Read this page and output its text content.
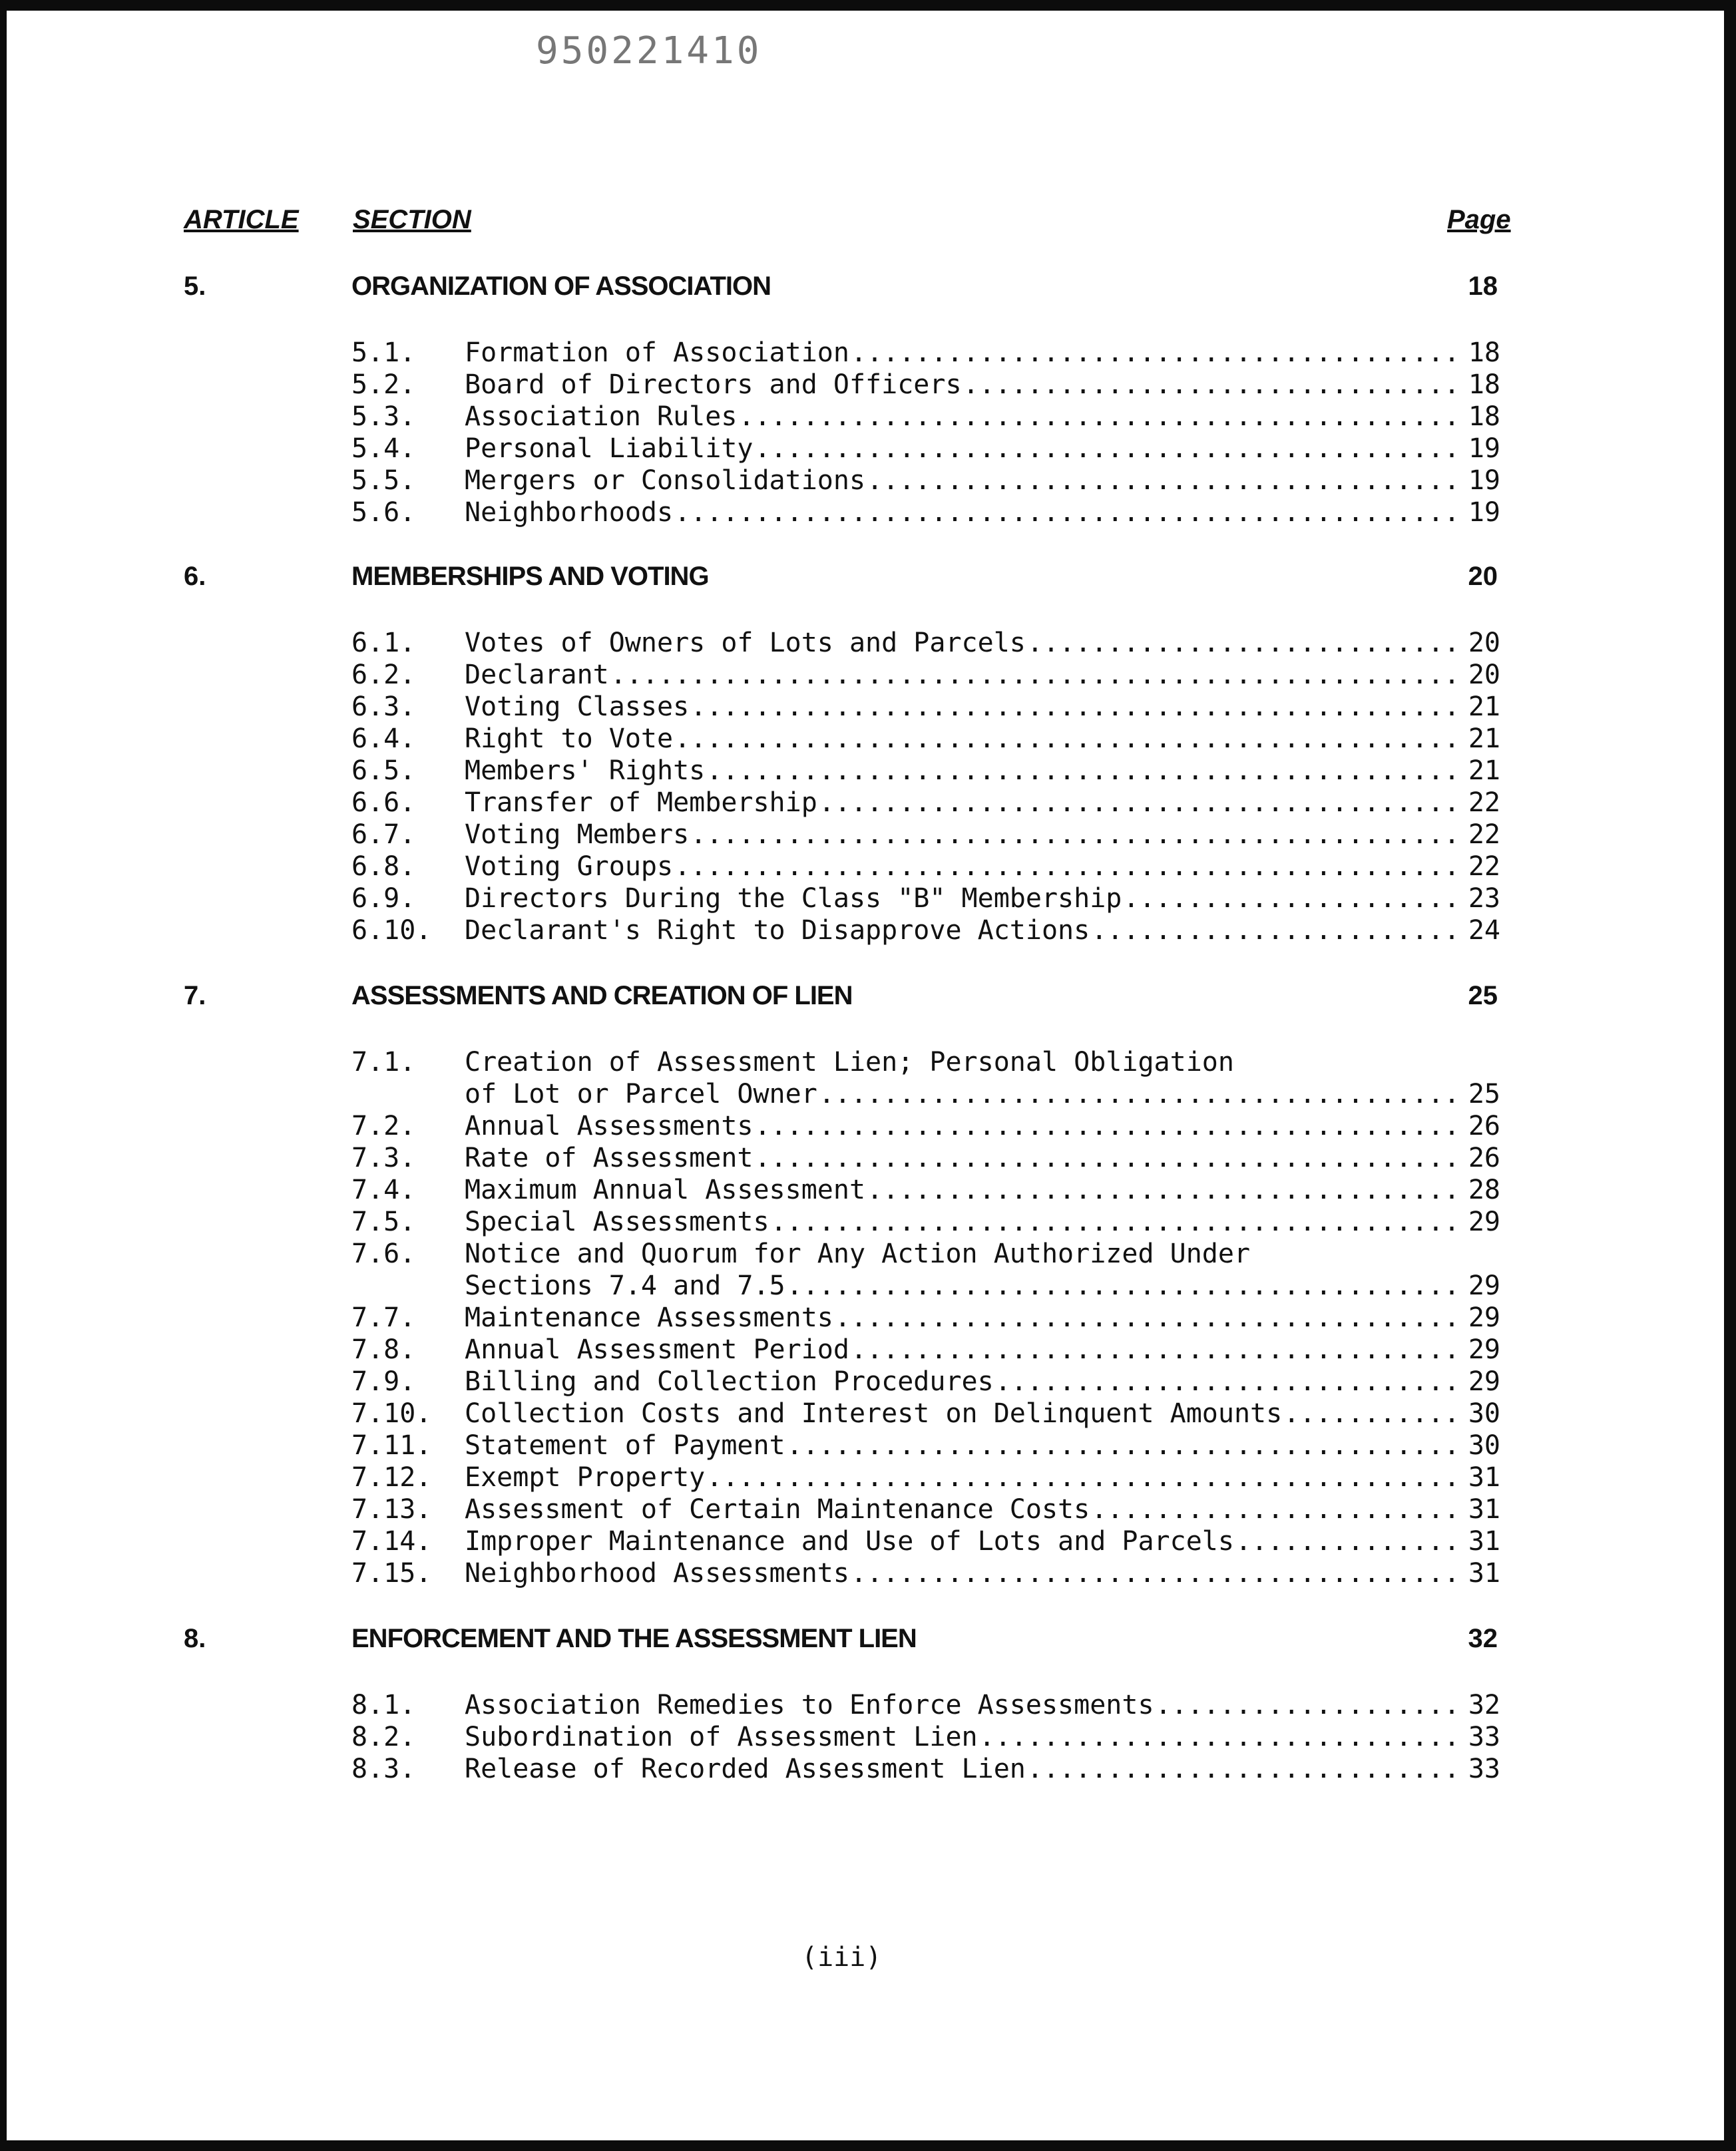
950221410
ARTICLE SECTION	Page
5.	ORGANIZATION OF ASSOCIATION	18
5.1. Formation of Association .....	18
5.2. Board of Directors and Officers .....	18
5.3. Association Rules .....	18
5.4. Personal Liability .....	19
5.5. Mergers or Consolidations .....	19
5.6. Neighborhoods .....	19
6.	MEMBERSHIPS AND VOTING	20
6.1. Votes of Owners of Lots and Parcels .....	20
6.2. Declarant .....	20
6.3. Voting Classes .....	21
6.4. Right to Vote .....	21
6.5. Members' Rights .....	21
6.6. Transfer of Membership .....	22
6.7. Voting Members .....	22
6.8. Voting Groups .....	22
6.9. Directors During the Class "B" Membership .....	23
6.10. Declarant's Right to Disapprove Actions .....	24
7.	ASSESSMENTS AND CREATION OF LIEN	25
7.1. Creation of Assessment Lien; Personal Obligation
of Lot or Parcel Owner .....	25
7.2. Annual Assessments .....	26
7.3. Rate of Assessment .....	26
7.4. Maximum Annual Assessment .....	28
7.5. Special Assessments .....	29
7.6. Notice and Quorum for Any Action Authorized Under
Sections 7.4 and 7.5 .....	29
7.7. Maintenance Assessments .....	29
7.8. Annual Assessment Period .....	29
7.9. Billing and Collection Procedures .....	29
7.10. Collection Costs and Interest on Delinquent Amounts .....	30
7.11. Statement of Payment .....	30
7.12. Exempt Property .....	31
7.13. Assessment of Certain Maintenance Costs .....	31
7.14. Improper Maintenance and Use of Lots and Parcels .....	31
7.15. Neighborhood Assessments .....	31
8.	ENFORCEMENT AND THE ASSESSMENT LIEN	32
8.1. Association Remedies to Enforce Assessments .....	32
8.2. Subordination of Assessment Lien .....	33
8.3. Release of Recorded Assessment Lien .....	33
(iii)
